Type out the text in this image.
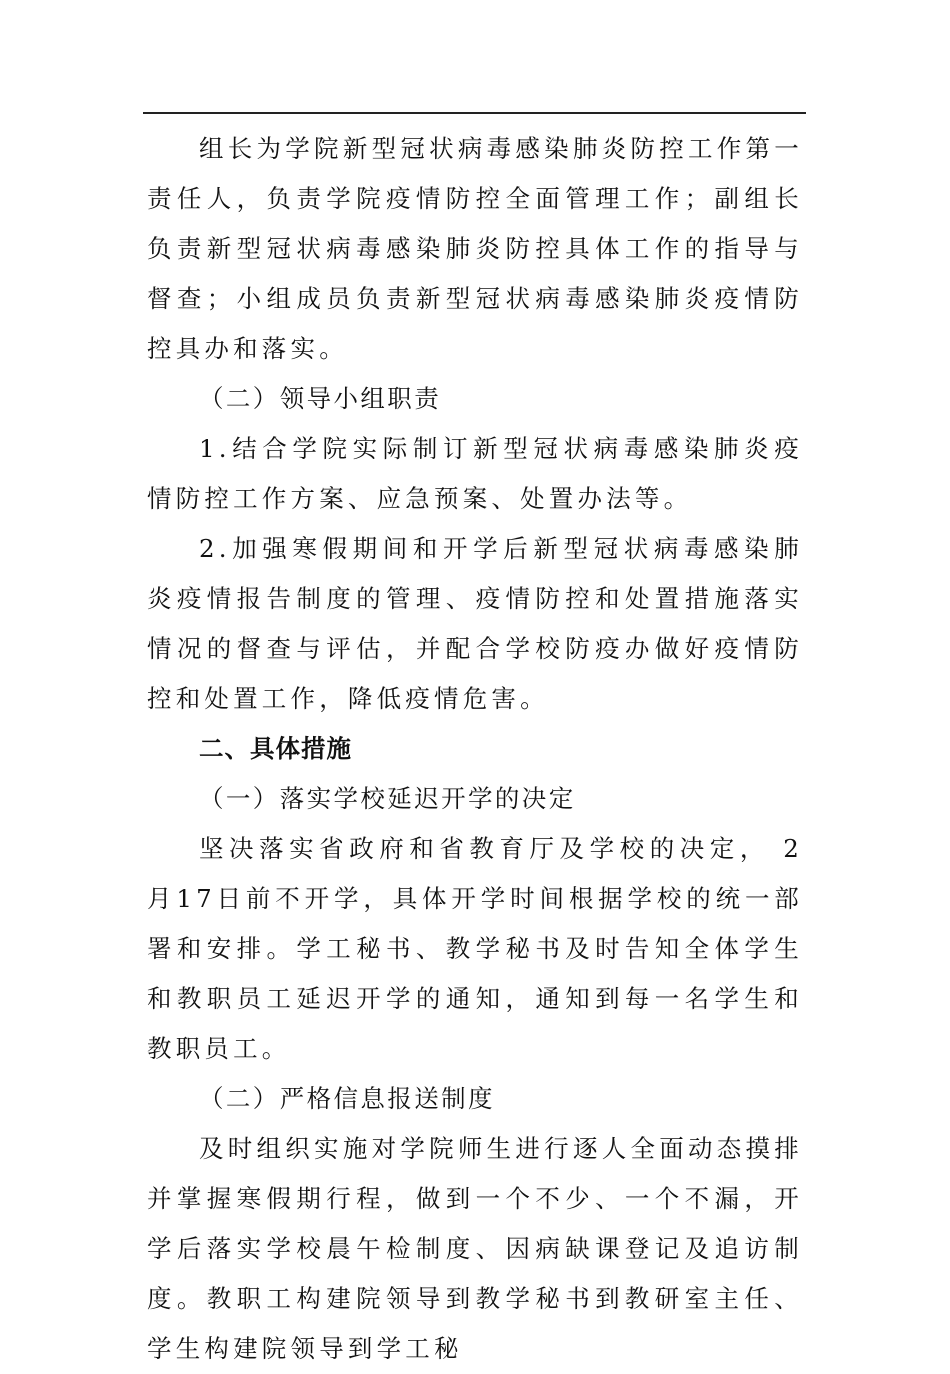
组长为学院新型冠状病毒感染肺炎防控工作第一责任人，负责学院疫情防控全面管理工作；副组长负责新型冠状病毒感染肺炎防控具体工作的指导与督查；小组成员负责新型冠状病毒感染肺炎疫情防控具办和落实。

（二）领导小组职责

1.结合学院实际制订新型冠状病毒感染肺炎疫情防控工作方案、应急预案、处置办法等。

2.加强寒假期间和开学后新型冠状病毒感染肺炎疫情报告制度的管理、疫情防控和处置措施落实情况的督查与评估，并配合学校防疫办做好疫情防控和处置工作，降低疫情危害。

二、具体措施

（一）落实学校延迟开学的决定

坚决落实省政府和省教育厅及学校的决定， 2月17日前不开学，具体开学时间根据学校的统一部署和安排。学工秘书、教学秘书及时告知全体学生和教职员工延迟开学的通知，通知到每一名学生和教职员工。

（二）严格信息报送制度

及时组织实施对学院师生进行逐人全面动态摸排并掌握寒假期行程，做到一个不少、一个不漏，开学后落实学校晨午检制度、因病缺课登记及追访制度。教职工构建院领导到教学秘书到教研室主任、学生构建院领导到学工秘
